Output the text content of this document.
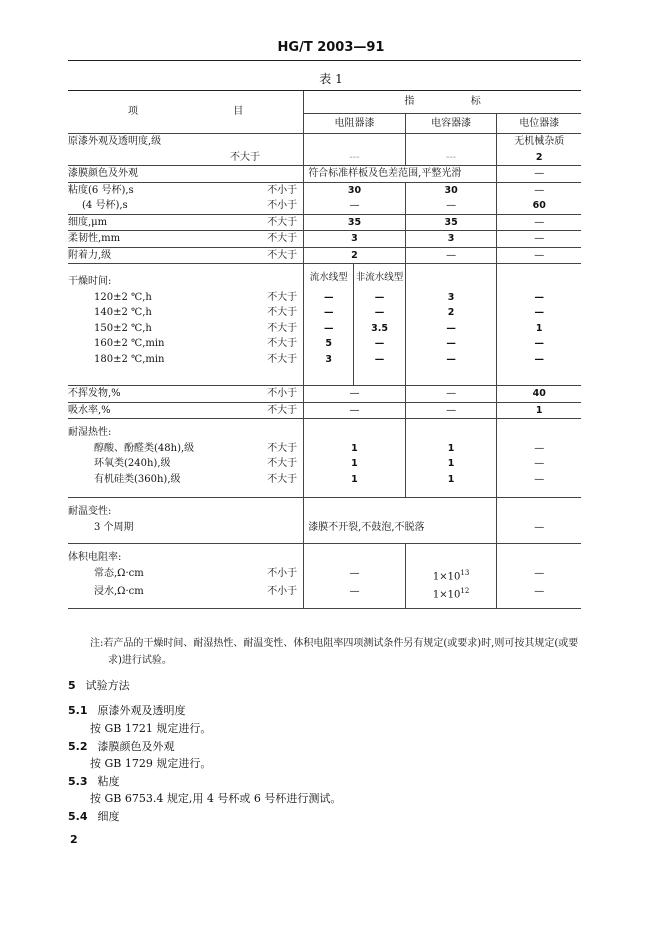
HG/T 2003—91
表 1
项 目		指 标			
		电阻器漆		电容器漆	电位器漆
原漆外观及透明度,级					无机械杂质
不大于		---		---	2
漆膜颜色及外观		符合标准样板及色差范围,平整光滑			—
粘度(6 号杯),s	不小于	30		30	—
(4 号杯),s	不小于	—		—	60
细度,μm	不大于	35		35	—
柔韧性,mm	不大于	3		3	—
附着力,级	不大于	2		—	—
干燥时间:		流水线型	非流水线型		
120±2 ℃,h	不大于	—	—	3	—
140±2 ℃,h	不大于	—	—	2	—
150±2 ℃,h	不大于	—	3.5	—	1
160±2 ℃,min	不大于	5	—	—	—
180±2 ℃,min	不大于	3	—	—	—
不挥发物,%	不小于	—		—	40
吸水率,%	不大于	—		—	1
耐湿热性:					
醇酸、酚醛类(48h),级	不大于	1		1	—
环氧类(240h),级	不大于	1		1	—
有机硅类(360h),级	不大于	1		1	—
耐温变性:					
3 个周期		漆膜不开裂,不鼓泡,不脱落			—
体积电阻率:					
常态,Ω·cm	不小于	—		$1\times 10^{13}$	—
浸水,Ω·cm	不小于	—		$1\times 10^{12}$	—
注:若产品的干燥时间、耐湿热性、耐温变性、体积电阻率四项测试条件另有规定(或要求)时,则可按其规定(或要
求)进行试验。
5 试验方法
5.1 原漆外观及透明度
按 GB 1721 规定进行。
5.2 漆膜颜色及外观
按 GB 1729 规定进行。
5.3 粘度
按 GB 6753.4 规定,用 4 号杯或 6 号杯进行测试。
5.4 细度
2
